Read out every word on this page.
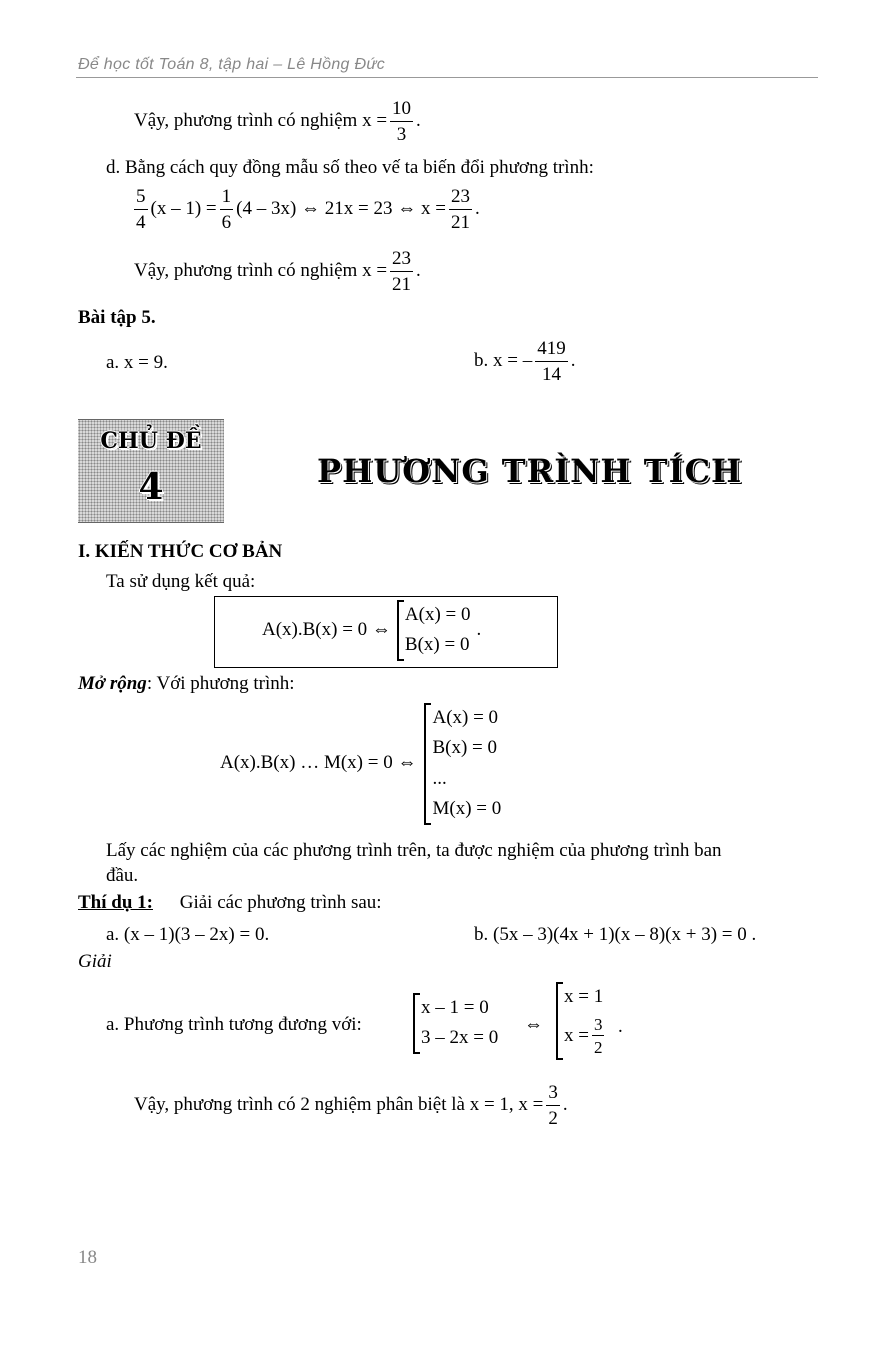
Để học tốt Toán 8, tập hai – Lê Hồng Đức
Vậy, phương trình có nghiệm $x = \frac{10}{3}$ .
d. Bằng cách quy đồng mẫu số theo vế ta biến đổi phương trình:
$\frac{5}{4} (x - 1) = \frac{1}{6} (4 - 3x)$ ⇔ 21x = 23 ⇔ $x = \frac{23}{21}$ .
Vậy, phương trình có nghiệm $x = \frac{23}{21}$ .
Bài tập 5.
a. x = 9.	b. x = – $\frac{419}{14}$ .
CHỦ ĐỀ
4	PHƯƠNG TRÌNH TÍCH
I. KIẾN THỨC CƠ BẢN
Ta sử dụng kết quả:
A(x).B(x) = 0 ⇔
A(x) = 0
B(x) = 0
.
Mở rộng: Với phương trình:
A(x).B(x) … M(x) = 0 ⇔
A(x) = 0
B(x) = 0
...
M(x) = 0
Lấy các nghiệm của các phương trình trên, ta được nghiệm của phương trình ban
đầu.
Thí dụ 1: Giải các phương trình sau:
a. (x – 1)(3 – 2x) = 0.	b. (5x – 3)(4x + 1)(x – 8)(x + 3) = 0 .
Giải
a. Phương trình tương đương với:
x – 1 = 0
3 – 2x = 0
⇔
x = 1
$x = \frac{3}{2}$ .
Vậy, phương trình có 2 nghiệm phân biệt là x = 1, $x = \frac{3}{2}$ .
18
